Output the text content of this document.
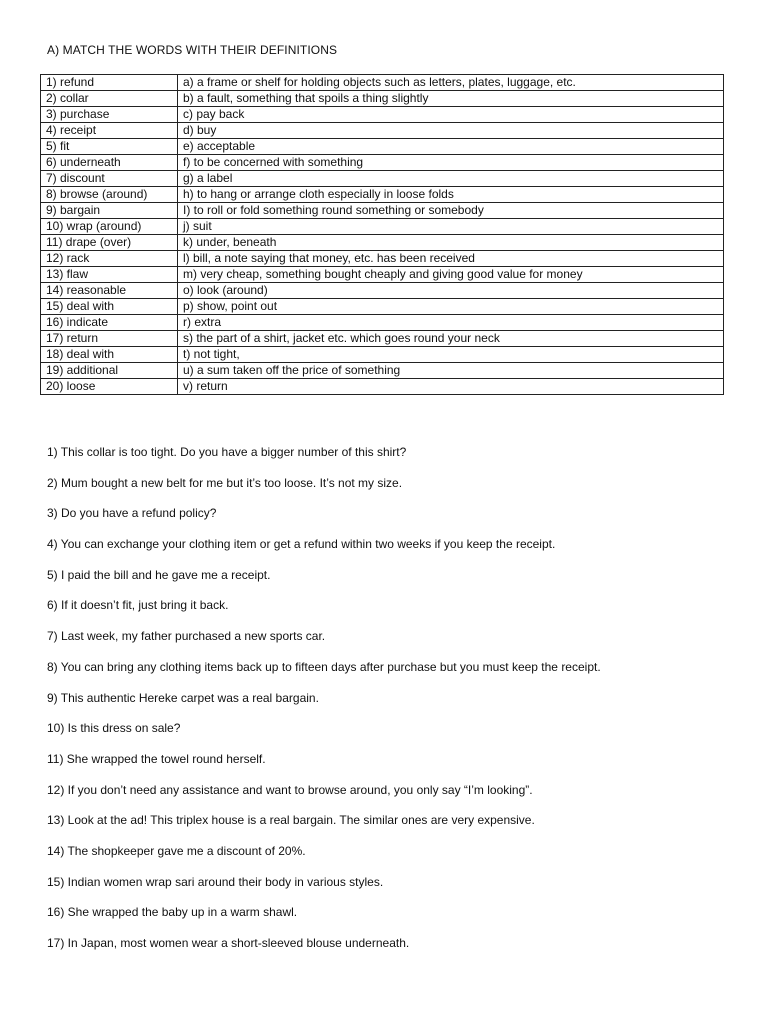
A) MATCH THE WORDS WITH THEIR DEFINITIONS
1) refund	a) a frame or shelf for holding objects such as letters, plates, luggage, etc.
2) collar	b) a fault, something that spoils a thing slightly
3) purchase	c) pay back
4) receipt	d) buy
5) fit	e) acceptable
6) underneath	f) to be concerned with something
7) discount	g) a label
8) browse (around)	h) to hang or arrange cloth especially in loose folds
9) bargain	I) to roll or fold something round something or somebody
10) wrap (around)	j) suit
11) drape (over)	k) under, beneath
12) rack	l) bill, a note saying that money, etc. has been received
13) flaw	m) very cheap, something bought cheaply and giving good value for money
14) reasonable	o) look (around)
15) deal with	p) show, point out
16) indicate	r) extra
17) return	s) the part of a shirt, jacket etc. which goes round your neck
18) deal with	t) not tight,
19) additional	u) a sum taken off the price of something
20) loose	v) return
1) This collar is too tight. Do you have a bigger number of this shirt?
2) Mum bought a new belt for me but it’s too loose. It’s not my size.
3) Do you have a refund policy?
4) You can exchange your clothing item or get a refund within two weeks if you keep the receipt.
5) I paid the bill and he gave me a receipt.
6) If it doesn’t fit, just bring it back.
7) Last week, my father purchased a new sports car.
8) You can bring any clothing items back up to fifteen days after purchase but you must keep the receipt.
9) This authentic Hereke carpet was a real bargain.
10) Is this dress on sale?
11) She wrapped the towel round herself.
12) If you don’t need any assistance and want to browse around, you only say “I’m looking”.
13) Look at the ad! This triplex house is a real bargain. The similar ones are very expensive.
14) The shopkeeper gave me a discount of 20%.
15) Indian women wrap sari around their body in various styles.
16) She wrapped the baby up in a warm shawl.
17) In Japan, most women wear a short-sleeved blouse underneath.
